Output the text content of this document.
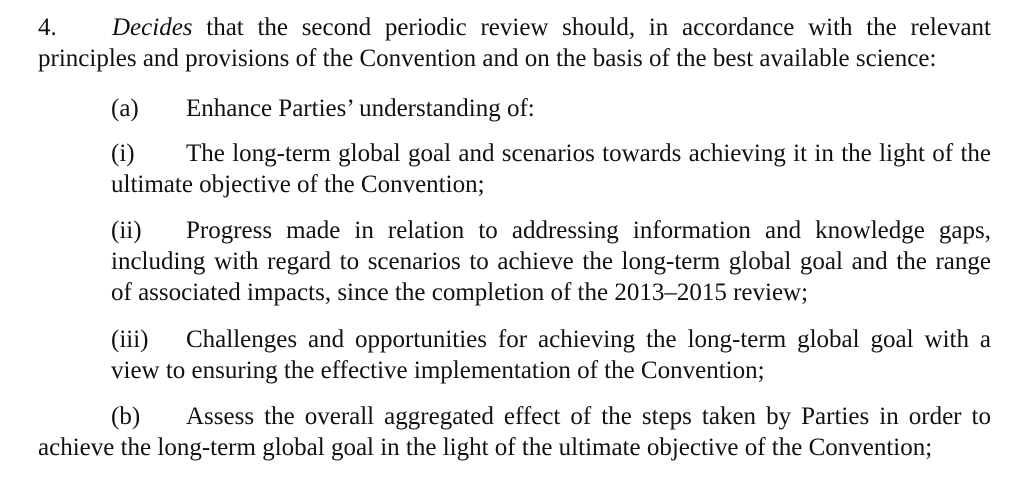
4. Decides that the second periodic review should, in accordance with the relevant
principles and provisions of the Convention and on the basis of the best available science:
(a) Enhance Parties’ understanding of:
(i) The long-term global goal and scenarios towards achieving it in the light of the
ultimate objective of the Convention;
(ii) Progress made in relation to addressing information and knowledge gaps,
including with regard to scenarios to achieve the long-term global goal and the range
of associated impacts, since the completion of the 2013–2015 review;
(iii) Challenges and opportunities for achieving the long-term global goal with a
view to ensuring the effective implementation of the Convention;
(b) Assess the overall aggregated effect of the steps taken by Parties in order to
achieve the long-term global goal in the light of the ultimate objective of the Convention;
